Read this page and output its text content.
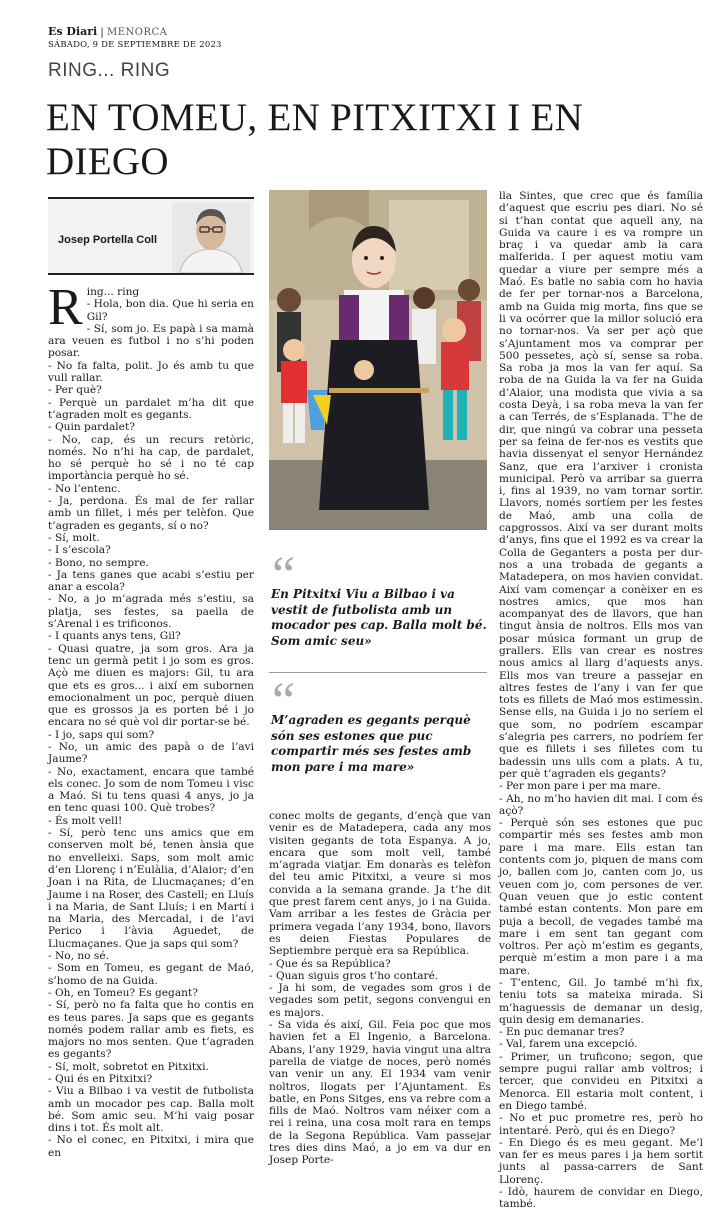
Es Diari | MENORCA
SÁBADO, 9 DE SEPTIEMBRE DE 2023
RING... RING
EN TOMEU, EN PITXITXI I EN DIEGO
Josep Portella Coll
R ing... ring

- Hola, bon dia. Que hi seria en Gil?

- Sí, som jo. Es papà i sa mamà ara veuen es futbol i no s’hi poden posar.

- No fa falta, polit. Jo és amb tu que vull rallar.

- Per què?

- Perquè un pardalet m’ha dit que t’agraden molt es gegants.

- Quin pardalet?

- No, cap, és un recurs retòric, només. No n’hi ha cap, de pardalet, ho sé perquè ho sé i no té cap importància perquè ho sé.

- No l’entenc.

- Ja, perdona. És mal de fer rallar amb un fillet, i més per telèfon. Que t’agraden es gegants, sí o no?

- Sí, molt.

- I s’escola?

- Bono, no sempre.

- Ja tens ganes que acabi s’estiu per anar a escola?

- No, a jo m’agrada més s’estiu, sa platja, ses festes, sa paella de s’Arenal i es trificonos.

- I quants anys tens, Gil?

- Quasi quatre, ja som gros. Ara ja tenc un germà petit i jo som es gros. Açò me diuen es majors: Gil, tu ara que ets es gros... i així em subornen emocionalment un poc, perquè diuen que es grossos ja es porten bé i jo encara no sé què vol dir portar-se bé.

- I jo, saps qui som?

- No, un amic des papà o de l’avi Jaume?

- No, exactament, encara que també els conec. Jo som de nom Tomeu i visc a Maó. Si tu tens quasi 4 anys, jo ja en tenc quasi 100. Què trobes?

- És molt vell!

- Sí, però tenc uns amics que em conserven molt bé, tenen ànsia que no envelleixi. Saps, som molt amic d’en Llorenç i n’Eulàlia, d’Alaior; d’en Joan i na Rita, de Llucmaçanes; d’en Jaume i na Roser, des Castell; en Lluís i na Maria, de Sant Lluís; i en Martí i na Maria, des Mercadal, i de l’avi Perico i l’àvia Aguedet, de Llucmaçanes. Que ja saps qui som?

- No, no sé.

- Som en Tomeu, es gegant de Maó, s’homo de na Guida.

- Oh, en Tomeu? Es gegant?

- Sí, però no fa falta que ho contis en es teus pares. Ja saps que es gegants només podem rallar amb es fiets, es majors no mos senten. Que t’agraden es gegants?

- Sí, molt, sobretot en Pitxitxi.

- Qui és en Pitxitxi?

- Viu a Bilbao i va vestit de futbolista amb un mocador pes cap. Balla molt bé. Som amic seu. M’hi vaig posar dins i tot. És molt alt.

- No el conec, en Pitxitxi, i mira que en

“
En Pitxitxi Viu a Bilbao i va vestit de futbolista amb un mocador pes cap. Balla molt bé. Som amic seu»
“
M’agraden es gegants perquè són ses estones que puc compartir més ses festes amb mon pare i ma mare»

conec molts de gegants, d’ençà que van venir es de Matadepera, cada any mos visiten gegants de tota Espanya. A jo, encara que som molt vell, també m’agrada viatjar. Em donaràs es telèfon del teu amic Pitxitxi, a veure si mos convida a la semana grande. Ja t’he dit que prest farem cent anys, jo i na Guida. Vam arribar a les festes de Gràcia per primera vegada l’any 1934, bono, llavors es deien Fiestas Populares de Septiembre perquè era sa República.

- Que és sa República?

- Quan siguis gros t’ho contaré.

- Ja hi som, de vegades som gros i de vegades som petit, segons convengui en es majors.

- Sa vida és així, Gil. Feia poc que mos havien fet a El Ingenio, a Barcelona. Abans, l’any 1929, havia vingut una altra parella de viatge de noces, però només van venir un any. El 1934 vam venir noltros, llogats per l’Ajuntament. Es batle, en Pons Sitges, ens va rebre com a fills de Maó. Noltros vam néixer com a rei i reina, una cosa molt rara en temps de la Segona República. Vam passejar tres dies dins Maó, a jo em va dur en Josep Porte-

lla Sintes, que crec que és família d’aquest que escriu pes diari. No sé si t’han contat que aquell any, na Guida va caure i es va rompre un braç i va quedar amb la cara malferida. I per aquest motiu vam quedar a viure per sempre més a Maó. Es batle no sabia com ho havia de fer per tornar-nos a Barcelona, amb na Guida mig morta, fins que se li va ocórrer que la millor solució era no tornar-nos. Va ser per açò que s’Ajuntament mos va comprar per 500 pessetes, açò sí, sense sa roba. Sa roba ja mos la van fer aquí. Sa roba de na Guida la va fer na Guida d’Alaior, una modista que vivia a sa costa Deyà, i sa roba meva la van fer a can Terrés, de s’Esplanada. T’he de dir, que ningú va cobrar una pesseta per sa feina de fer-nos es vestits que havia dissenyat el senyor Hernández Sanz, que era l’arxiver i cronista municipal. Però va arribar sa guerra i, fins al 1939, no vam tornar sortir. Llavors, només sortíem per les festes de Maó, amb una colla de capgrossos. Així va ser durant molts d’anys, fins que el 1992 es va crear la Colla de Geganters a posta per dur-nos a una trobada de gegants a Matadepera, on mos havien convidat. Així vam començar a conèixer en es nostres amics, que mos han acompanyat des de llavors, que han tingut ànsia de noltros. Ells mos van posar música formant un grup de grallers. Ells van crear es nostres nous amics al llarg d’aquests anys. Ells mos van treure a passejar en altres festes de l’any i van fer que tots es fillets de Maó mos estimessin. Sense ells, na Guida i jo no seríem el que som, no podríem escampar s’alegria pes carrers, no podríem fer que es fillets i ses filletes com tu badessin uns ulls com a plats. A tu, per què t’agraden els gegants?

- Per mon pare i per ma mare.

- Ah, no m’ho havien dit mai. I com és açò?

- Perquè són ses estones que puc compartir més ses festes amb mon pare i ma mare. Ells estan tan contents com jo, piquen de mans com jo, ballen com jo, canten com jo, us veuen com jo, com persones de ver. Quan veuen que jo estic content també estan contents. Mon pare em puja a becoll, de vegades també ma mare i em sent tan gegant com voltros. Per açò m’estim es gegants, perquè m’estim a mon pare i a ma mare.

- T’entenc, Gil. Jo també m’hi fix, teniu tots sa mateixa mirada. Si m’haguessis de demanar un desig, quin desig em demanaries.

- En puc demanar tres?

- Val, farem una excepció.

- Primer, un truficono; segon, que sempre pugui rallar amb voltros; i tercer, que convideu en Pitxitxi a Menorca. Ell estaria molt content, i en Diego també.

- No et puc prometre res, però ho intentaré. Però, qui és en Diego?

- En Diego és es meu gegant. Me’l van fer es meus pares i ja hem sortit junts al passa-carrers de Sant Llorenç.

- Idò, haurem de convidar en Diego, també.
